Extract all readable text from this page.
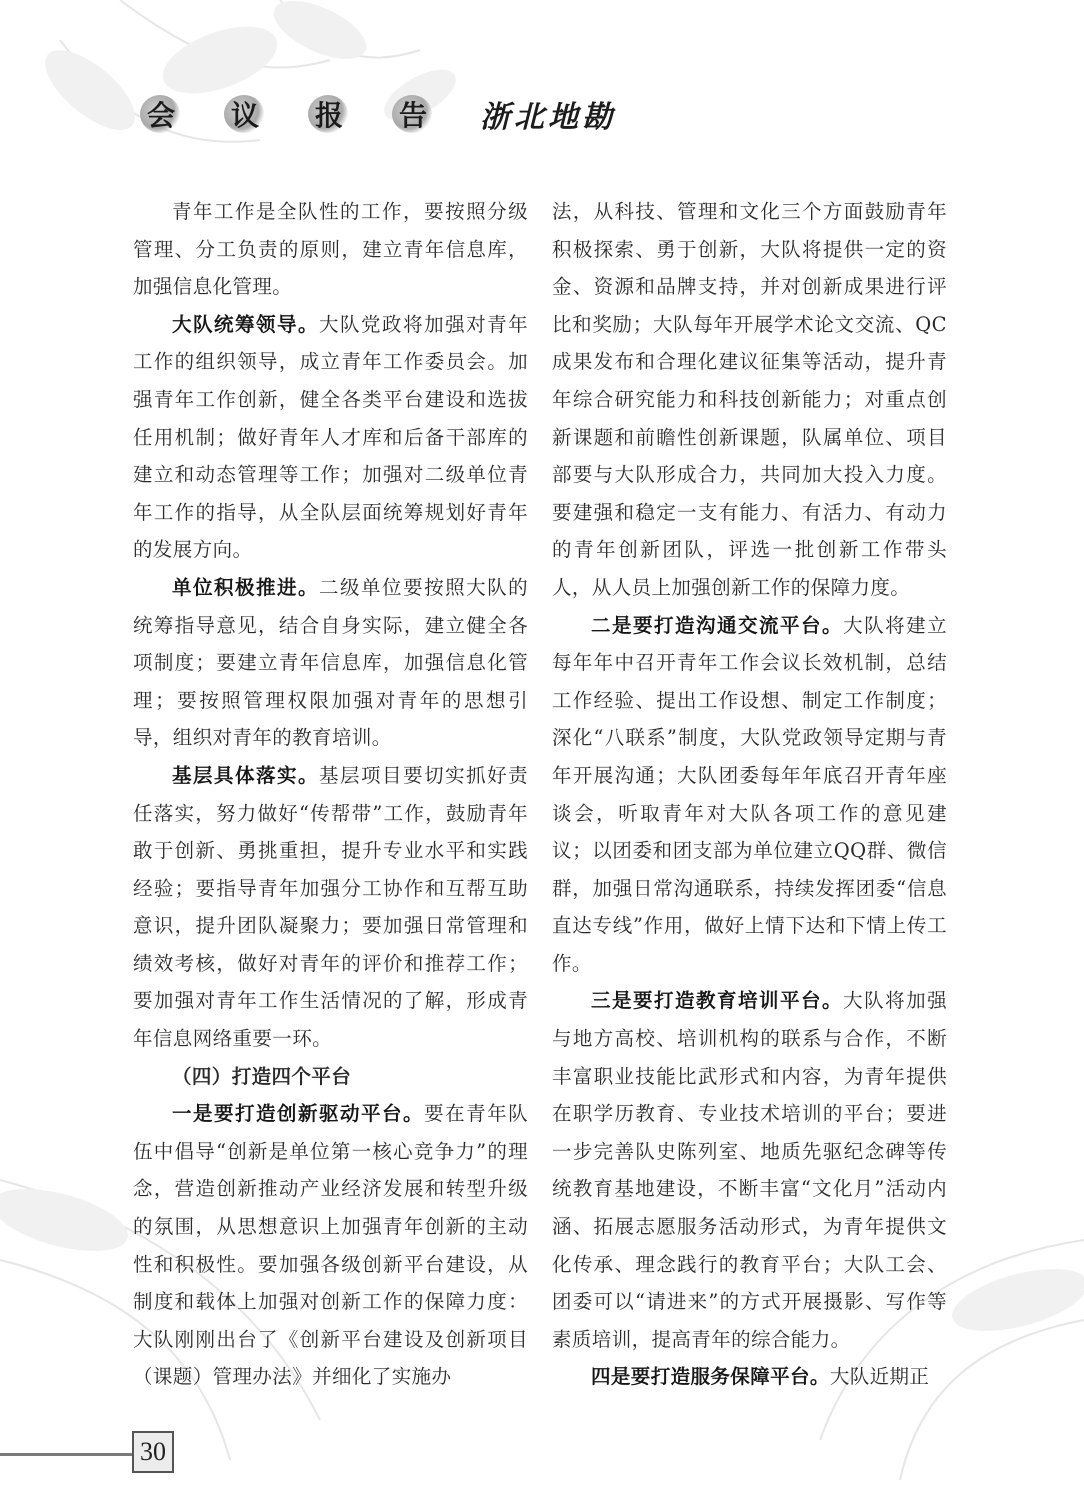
会 议 报 告 浙北地勘

青年工作是全队性的工作，要按照分级管理、分工负责的原则，建立青年信息库，加强信息化管理。

大队统筹领导。大队党政将加强对青年工作的组织领导，成立青年工作委员会。加强青年工作创新，健全各类平台建设和选拔任用机制；做好青年人才库和后备干部库的建立和动态管理等工作；加强对二级单位青年工作的指导，从全队层面统筹规划好青年的发展方向。

单位积极推进。二级单位要按照大队的统筹指导意见，结合自身实际，建立健全各项制度；要建立青年信息库，加强信息化管理；要按照管理权限加强对青年的思想引导，组织对青年的教育培训。

基层具体落实。基层项目要切实抓好责任落实，努力做好“传帮带”工作，鼓励青年敢于创新、勇挑重担，提升专业水平和实践经验；要指导青年加强分工协作和互帮互助意识，提升团队凝聚力；要加强日常管理和绩效考核，做好对青年的评价和推荐工作；要加强对青年工作生活情况的了解，形成青年信息网络重要一环。

（四）打造四个平台

一是要打造创新驱动平台。要在青年队伍中倡导“创新是单位第一核心竞争力”的理念，营造创新推动产业经济发展和转型升级的氛围，从思想意识上加强青年创新的主动性和积极性。要加强各级创新平台建设，从制度和载体上加强对创新工作的保障力度：大队刚刚出台了《创新平台建设及创新项目（课题）管理办法》并细化了实施办

法，从科技、管理和文化三个方面鼓励青年积极探索、勇于创新，大队将提供一定的资金、资源和品牌支持，并对创新成果进行评比和奖励；大队每年开展学术论文交流、QC成果发布和合理化建议征集等活动，提升青年综合研究能力和科技创新能力；对重点创新课题和前瞻性创新课题，队属单位、项目部要与大队形成合力，共同加大投入力度。要建强和稳定一支有能力、有活力、有动力的青年创新团队，评选一批创新工作带头人，从人员上加强创新工作的保障力度。

二是要打造沟通交流平台。大队将建立每年年中召开青年工作会议长效机制，总结工作经验、提出工作设想、制定工作制度；深化“八联系”制度，大队党政领导定期与青年开展沟通；大队团委每年年底召开青年座谈会，听取青年对大队各项工作的意见建议；以团委和团支部为单位建立QQ群、微信群，加强日常沟通联系，持续发挥团委“信息直达专线”作用，做好上情下达和下情上传工作。

三是要打造教育培训平台。大队将加强与地方高校、培训机构的联系与合作，不断丰富职业技能比武形式和内容，为青年提供在职学历教育、专业技术培训的平台；要进一步完善队史陈列室、地质先驱纪念碑等传统教育基地建设，不断丰富“文化月”活动内涵、拓展志愿服务活动形式，为青年提供文化传承、理念践行的教育平台；大队工会、团委可以“请进来”的方式开展摄影、写作等素质培训，提高青年的综合能力。

四是要打造服务保障平台。大队近期正

30
